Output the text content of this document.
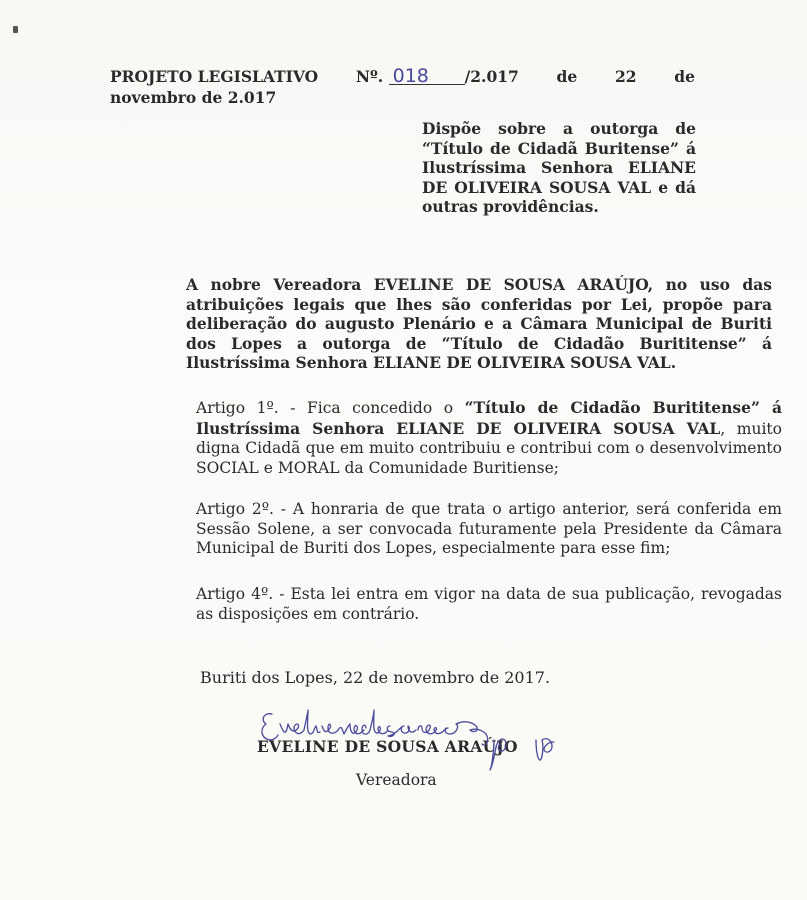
PROJETO LEGISLATIVO Nº. 018 /2.017 de 22 de
novembro de 2.017
Dispõe sobre a outorga de “Título de Cidadã Buritense” á Ilustríssima Senhora ELIANE DE OLIVEIRA SOUSA VAL e dá outras providências.
A nobre Vereadora EVELINE DE SOUSA ARAÚJO, no uso das atribuições legais que lhes são conferidas por Lei, propõe para deliberação do augusto Plenário e a Câmara Municipal de Buriti dos Lopes a outorga de “Título de Cidadão Burititense” á Ilustríssima Senhora ELIANE DE OLIVEIRA SOUSA VAL.
Artigo 1º. - Fica concedido o “Título de Cidadão Burititense” á Ilustríssima Senhora ELIANE DE OLIVEIRA SOUSA VAL, muito digna Cidadã que em muito contribuiu e contribui com o desenvolvimento SOCIAL e MORAL da Comunidade Buritiense;
Artigo 2º. - A honraria de que trata o artigo anterior, será conferida em Sessão Solene, a ser convocada futuramente pela Presidente da Câmara Municipal de Buriti dos Lopes, especialmente para esse fim;
Artigo 4º. - Esta lei entra em vigor na data de sua publicação, revogadas as disposições em contrário.
Buriti dos Lopes, 22 de novembro de 2017.
EVELINE DE SOUSA ARAÚJO
Vereadora
